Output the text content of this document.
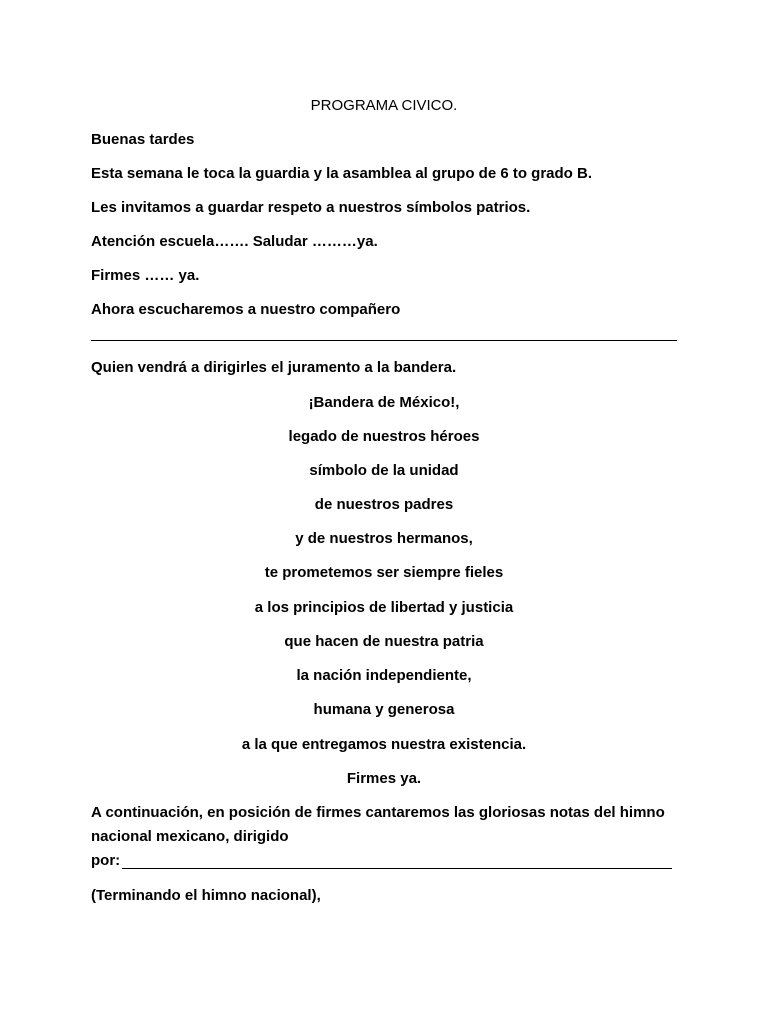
PROGRAMA CIVICO.
Buenas tardes
Esta semana le toca la guardia y la asamblea al grupo de 6 to grado B.
Les invitamos a guardar respeto a nuestros símbolos patrios.
Atención escuela……. Saludar ………ya.
Firmes …… ya.
Ahora escucharemos a nuestro compañero
Quien vendrá a dirigirles el juramento a la bandera.
¡Bandera de México!,
legado de nuestros héroes
símbolo de la unidad
de nuestros padres
y de nuestros hermanos,
te prometemos ser siempre fieles
a los principios de libertad y justicia
que hacen de nuestra patria
la nación independiente,
humana y generosa
a la que entregamos nuestra existencia.
Firmes ya.
A continuación, en posición de firmes cantaremos las gloriosas notas del himno
nacional mexicano, dirigido
por:
(Terminando el himno nacional),
